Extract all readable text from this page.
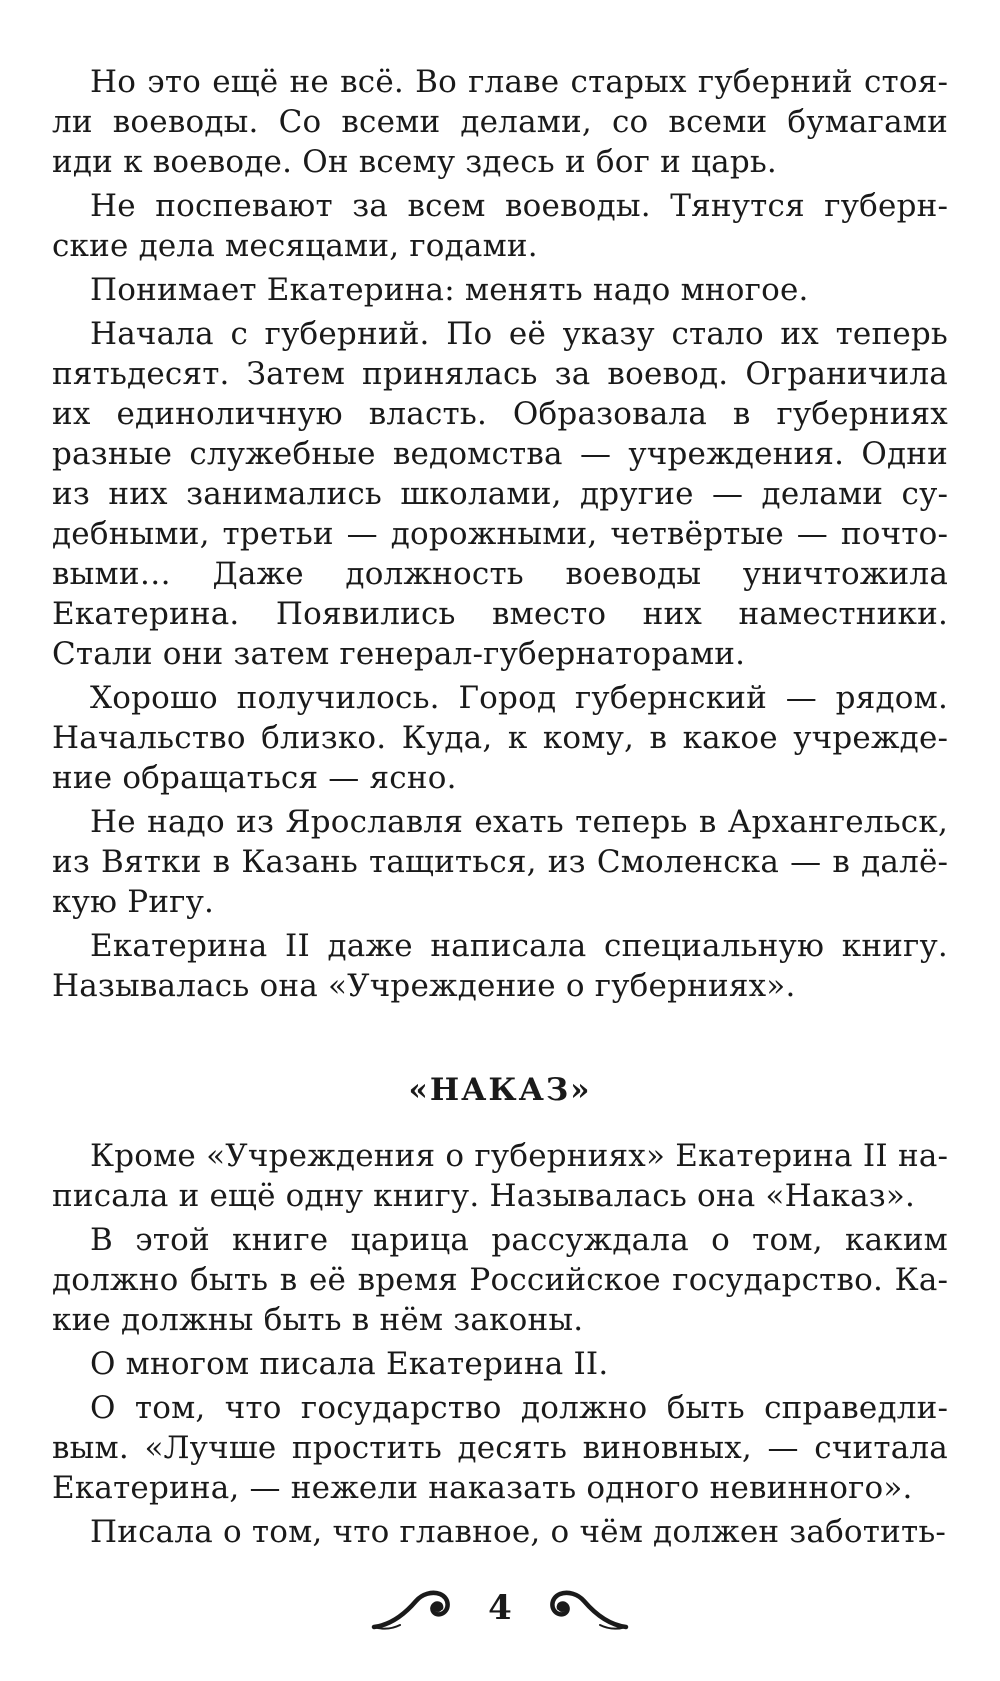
Но это ещё не всё. Во главе старых губерний стояли воеводы. Со всеми делами, со всеми бумагами иди к воеводе. Он всему здесь и бог и царь.

Не поспевают за всем воеводы. Тянутся губернские дела месяцами, годами.

Понимает Екатерина: менять надо многое.

Начала с губерний. По её указу стало их теперь пятьдесят. Затем принялась за воевод. Ограничила их единоличную власть. Образовала в губерниях разные служебные ведомства — учреждения. Одни из них занимались школами, другие — делами судебными, третьи — дорожными, четвёртые — почтовыми… Даже должность воеводы уничтожила Екатерина. Появились вместо них наместники. Стали они затем генерал-губернаторами.

Хорошо получилось. Город губернский — рядом. Начальство близко. Куда, к кому, в какое учреждение обращаться — ясно.

Не надо из Ярославля ехать теперь в Архангельск, из Вятки в Казань тащиться, из Смоленска — в далёкую Ригу.

Екатерина II даже написала специальную книгу. Называлась она «Учреждение о губерниях».

«НАКАЗ»

Кроме «Учреждения о губерниях» Екатерина II написала и ещё одну книгу. Называлась она «Наказ».

В этой книге царица рассуждала о том, каким должно быть в её время Российское государство. Какие должны быть в нём законы.

О многом писала Екатерина II.

О том, что государство должно быть справедливым. «Лучше простить десять виновных, — считала Екатерина, — нежели наказать одного невинного».

Писала о том, что главное, о чём должен заботить-

4
